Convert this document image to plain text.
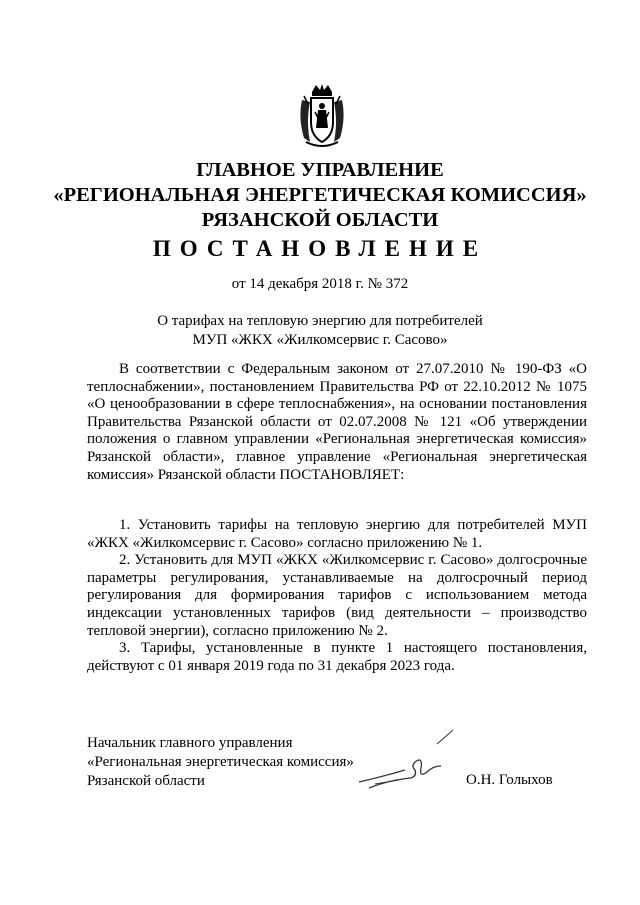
ГЛАВНОЕ УПРАВЛЕНИЕ
«РЕГИОНАЛЬНАЯ ЭНЕРГЕТИЧЕСКАЯ КОМИССИЯ»
РЯЗАНСКОЙ ОБЛАСТИ
ПОСТАНОВЛЕНИЕ
от 14 декабря 2018 г. № 372
О тарифах на тепловую энергию для потребителей
МУП «ЖКХ «Жилкомсервис г. Сасово»
В соответствии с Федеральным законом от 27.07.2010 № 190-ФЗ «О теплоснабжении», постановлением Правительства РФ от 22.10.2012 № 1075 «О ценообразовании в сфере теплоснабжения», на основании постановления Правительства Рязанской области от 02.07.2008 № 121 «Об утверждении положения о главном управлении «Региональная энергетическая комиссия» Рязанской области», главное управление «Региональная энергетическая комиссия» Рязанской области ПОСТАНОВЛЯЕТ:
1. Установить тарифы на тепловую энергию для потребителей МУП «ЖКХ «Жилкомсервис г. Сасово» согласно приложению № 1.
2. Установить для МУП «ЖКХ «Жилкомсервис г. Сасово» долгосрочные параметры регулирования, устанавливаемые на долгосрочный период регулирования для формирования тарифов с использованием метода индексации установленных тарифов (вид деятельности – производство тепловой энергии), согласно приложению № 2.
3. Тарифы, установленные в пункте 1 настоящего постановления, действуют с 01 января 2019 года по 31 декабря 2023 года.
Начальник главного управления
«Региональная энергетическая комиссия»
Рязанской области	О.Н. Голыхов
